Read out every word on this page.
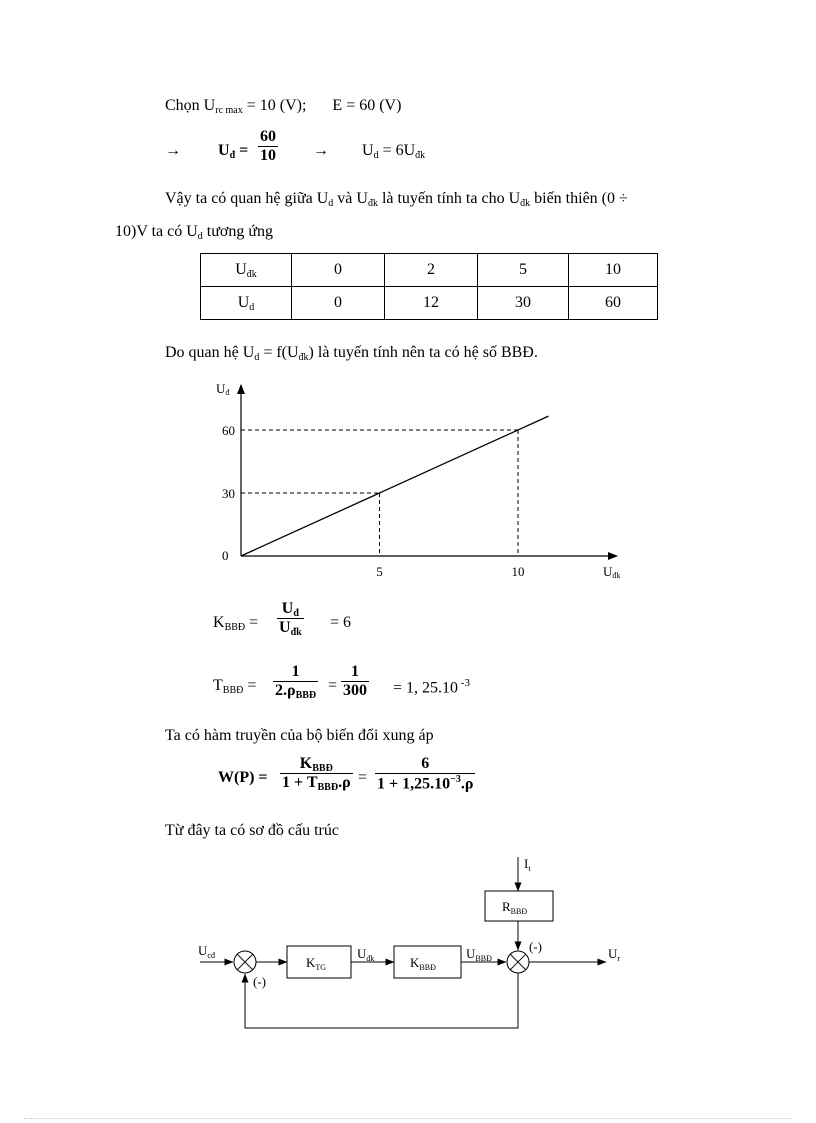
Chọn $U_{rc max} = 10$ (V); E = 60 (V)
→ $U_đ = \frac{60}{10} \to U_d = 6U_{đk}$
Vậy ta có quan hệ giữa $U_d$ và $U_{đk}$ là tuyến tính ta cho $U_{đk}$ biến thiên (0 ÷
10)V ta có $U_d$ tương ứng
$U_{đk}$	0	2	5	10
$U_d$	0	12	30	60
Do quan hệ $U_d = f(U_{đk})$ là tuyến tính nên ta có hệ số BBĐ.
5	10
30
60
0
Uđ
Uđk
$K_{BBĐ}$ =
$U_đ$
$U_{đk}$
= 6
$T_{BBĐ}$ =
1
$2.\rho_{BBĐ}$
= $\frac{1}{300} = 1$, 25.10 $^{-3}$
Ta có hàm truyền của bộ biến đổi xung áp
W(P) =
$K_{BBĐ}$
$1 + T_{BBĐ}.\rho = \frac{6}{1 + 1,25.10^{-3}.\rho}$
Từ đây ta có sơ đồ cấu trúc
$U_{cđ}$
(-)
$K_{TG}$
$U_{đk}$	$K_{BBĐ}$
$U_{BBĐ}$
(-)	$U_r$
$I_t$
$R_{BBĐ}$
